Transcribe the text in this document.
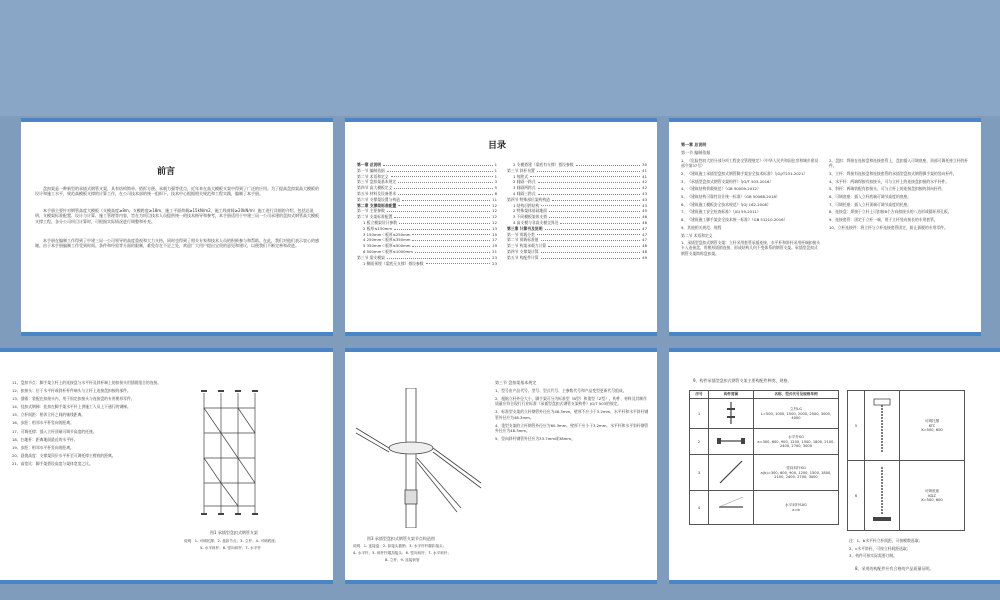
前言
盘扣架是一种新型的承插式钢管支架，具有结构简单、搭拆方便、承载力强等优点，近年来在高大模板支架中得到了广泛的应用。为了提高盘扣架高大模板的设计和施工水平，规范高模板支撑的计算工作，在公司技术部的统一组织下，技术中心根据相关规范和工程实践，编制了本手册。
本手册主要针对钢管高度大模板（支模高度≥8m、支模跨度≥18m、施工平面荷载≥15kN/m2、施工线荷载≥20kN/m）施工进行详细的介绍，包括总说明、支模架标准配置、设计与计算、施工管理等内容，旨在为项目技术人员提供统一的技术指导和参考，本手册适用于中建三局一公司承建的盘扣式钢管高大模板支撑工程，各分公司项目计算时，可根据实际情况进行调整和补充。
本手册在编制工作得到了中建三局一公司领导的高度重视和大力支持，同时也得到了相关专家和技术人员的积极参与和帮助。在此，我们对他们表示衷心的感谢。由于本手册编制工作受到时间、条件和经验等方面的限制，难免存在不足之处，欢迎广大用户提出宝贵的意见和建议，以便我们不断完善和改进。
目录
第一章 总说明	1
第一节 编制依据	1
第二节 术语和定义	1
第三节 盘扣架基本规定	3
第四节 高大模板定义	5
第五节 材料及设备要求	8
第六节 支撑架设置与构造	11
第二章 支撑架标准配置	12
第一节 主要参数	12
第二节 支架标准配置	12
1 板立模架设计参数	12
2 板厚≤150mm	13
3 150mm＜板厚≤250mm	15
4 250mm＜板厚≤350mm	17
5 350mm＜板厚≤500mm	19
6 500mm＜板厚≤1000mm	21
第三节 梁支模架	23
1 侧面预埋（梁底无支撑）搭设参数	23
2 支模搭建（梁底有支撑）搭设参数	30
第三节 斜杆布置	41
1 每跨式	41
2 间隔一跨式	42
3 间隔两跨式	42
4 间隔三跨式	43
第四节 特殊部位架构构造	43
1 结构层跨结构	43
2 特殊架体基础地面	45
3 不同模板架体支搭	46
4 高支模与非高支模交界处	46
第三章 计算书及说明	47
第一节 荷载分类	47
第二节 荷载标准值	47
第三节 构架承载力计算	48
第四节 支撑架计算	48
第五节 构配件计算	49
第一章 总说明
第一节 编制依据
1、《危险性较大的分部分项工程安全管理规定》（中华人民共和国住房和城乡建设部令第37号）
2、《建筑施工承插型盘扣式钢管脚手架安全技术标准》（JGJ/T231-2021）
3、《承插型盘扣式钢管支架构件》（JG/T 503-2016）
4、《建筑结构荷载规范》（GB 50009-2012）
5、《建筑结构可靠性设计统一标准》（GB 50068-2018）
6、《建筑施工模板安全技术规范》（JGJ 162-2008）
7、《建筑施工安全检查标准》（JGJ 59-2011）
8、《建筑施工脚手架安全技术统一标准》（GB 51210-2016）
9、其他相关规范、规程
第二节 术语和定义
1、承插型盘扣式钢管支架：立杆采用套管承插连接，水平杆和斜杆采用杆端扣接头卡入连接盘，用楔形插销连接，形成结构几何不变体系的钢管支架。承插型盘扣式钢管支架简称盘扣架。
2、盘扣：焊接在连接盘和连接套管上，盘扣插入可调底座、顶部可调托座立杆的杆件。
3、立杆：焊接有连接盘和连接套管的承插型盘扣式钢管脚手架的竖向杆件。
4、水平杆：两端焊接有扣接头，可与立杆上的连接盘扣接的水平杆件。
5、斜杆：两端装配有扣接头，可与立杆上的连接盘扣接的斜向杆件。
6、可调底座：插入立杆底端可调节高度的底座。
7、可调托座：插入立杆顶端可调节高度的托座。
8、连接盘：焊接于立杆上可扣接8个方向扣接头的八边形或圆环形孔板。
9、连接套管：固定于立杆一端，用于立杆竖向接长的专用套管。
10、立杆连接件：将立杆与立杆连接套管固定，防止拔脱的专用零件。
11、盘扣节点：脚手架立杆上的连接盘与水平杆及斜杆端上的扣接头用插销组合的连接。
12、扣接头：位于水平杆或斜杆杆件端头与立杆上连接盘扣接的部件。
13、插销：装配在扣接头内，用于固定扣接头与连接盘的专用楔形零件。
14、挂扣式钢梯：挂扣在脚手架水平杆上供施工人员上下通行的钢梯。
15、立杆间距：相邻立杆之间的轴线距离。
16、步距：相邻水平杆竖向的距离。
17、可调托撑：插入立杆顶端可调节高度的托座。
18、扫地杆：距离地面最近的水平杆。
19、步距：相邻水平杆竖向的距离。
20、悬挑高度：支撑架顶层水平杆至可调托撑主楞底的距离。
21、高宽比：脚手架搭设高度与架体宽度之比。
图1 承插型盘扣式钢管支架
说明：1- 可调托撑；2- 盘扣节点；3- 立杆；4- 可调底座；
5- 水平斜杆；6- 竖向斜杆；7- 水平杆
图3 承插型盘扣式钢管支架节点构造图
说明：1- 连接盘；2- 扣接头插销；3- 水平杆杆端扣接头；
4- 水平杆；5- 斜杆杆端扣接头；6- 竖向斜杆；7- 水平斜杆；
8- 立杆；9- 连接套管
第三节 盘扣架基本规定
1、型号由产品代号、型号、型式代号、主参数代号和产品变型更新代号组成。
2、根据立杆外径大小，脚手架可分为标准型（B型）和重型（Z型）。构件、材料及其制作质量应符合现行行业标准《承插型盘扣式钢管支架构件》JG/T 503的规定。
3、标准型支架的立杆钢管外径应为48.3mm，壁厚不应小于3.2mm，水平杆和水平斜杆钢管外径应为48.3mm。
4、重型支架的立杆钢管外径应为60.3mm，壁厚不应小于3.2mm，水平杆和水平斜杆钢管外径应为48.3mm。
5、竖向斜杆钢管外径应为33.7mm或38mm。
9、构件承插型盘扣式钢管支架主要构配件种类、规格。
序号	构件简图	名称、型式代号及规格举例
1		立杆LG
L=500, 1000, 1500, 2000, 2500, 3000, 4000
2		水平杆SG
a=300, 600, 900, 1200, 1500, 1800, 2100, 2400, 2700, 3000
3		竖向斜杆XG
a(b)=300, 600, 900, 1200, 1500, 1800, 2100, 2400, 2700, 3000
4		水平斜杆SXG
a=b
5		可调托撑
KTC
K=500, 600
6		可调底座
KDZ
K=500, 600
注：1、b水平杆立杆间距，可按模数选取；
2、c水平斜杆，可按立杆间距选取；
3、构件可按实际需要订制。
8、采用的构配件应有合格的产品质量证明。
